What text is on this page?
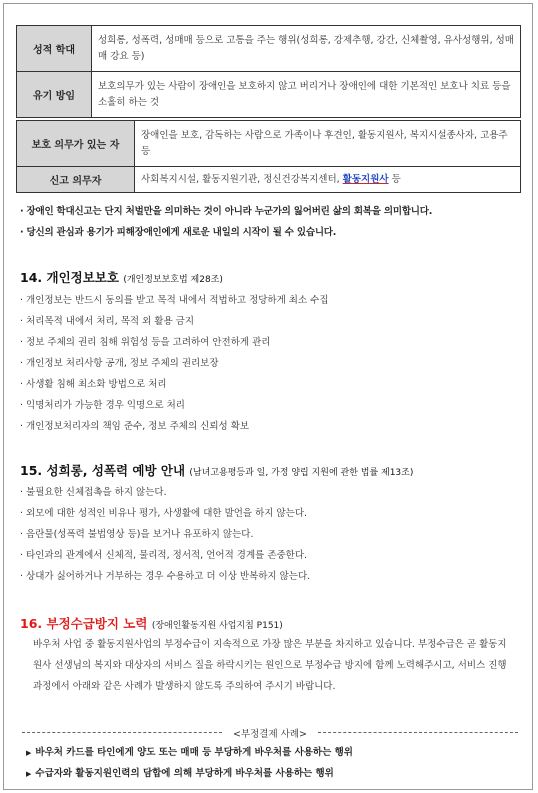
성적 학대	성희롱, 성폭력, 성매매 등으로 고통을 주는 행위(성희롱, 강제추행, 강간, 신체촬영, 유사성행위, 성매매 강요 등)
유기 방임	보호의무가 있는 사람이 장애인을 보호하지 않고 버리거나 장애인에 대한 기본적인 보호나 치료 등을 소홀히 하는 것
보호 의무가 있는 자	장애인을 보호, 감독하는 사람으로 가족이나 후견인, 활동지원사, 복지시설종사자, 고용주 등
신고 의무자	사회복지시설, 활동지원기관, 정신건강복지센터, 활동지원사 등
· 장애인 학대신고는 단지 처벌만을 의미하는 것이 아니라 누군가의 잃어버린 삶의 회복을 의미합니다.
· 당신의 관심과 용기가 피해장애인에게 새로운 내일의 시작이 될 수 있습니다.
14. 개인정보보호 (개인정보보호법 제28조)
· 개인정보는 반드시 동의를 받고 목적 내에서 적법하고 정당하게 최소 수집
· 처리목적 내에서 처리, 목적 외 활용 금지
· 정보 주체의 권리 침해 위험성 등을 고려하여 안전하게 관리
· 개인정보 처리사항 공개, 정보 주체의 권리보장
· 사생활 침해 최소화 방법으로 처리
· 익명처리가 가능한 경우 익명으로 처리
· 개인정보처리자의 책임 준수, 정보 주체의 신뢰성 확보
15. 성희롱, 성폭력 예방 안내 (남녀고용평등과 일, 가정 양립 지원에 관한 법률 제13조)
· 불필요한 신체접촉을 하지 않는다.
· 외모에 대한 성적인 비유나 평가, 사생활에 대한 발언을 하지 않는다.
· 음란물(성폭력 불법영상 등)을 보거나 유포하지 않는다.
· 타인과의 관계에서 신체적, 물리적, 정서적, 언어적 경계를 존중한다.
· 상대가 싫어하거나 거부하는 경우 수용하고 더 이상 반복하지 않는다.
16. 부정수급방지 노력 (장애인활동지원 사업지침 P151)
바우처 사업 중 활동지원사업의 부정수급이 지속적으로 가장 많은 부분을 차지하고 있습니다. 부정수급은 곧 활동지원사 선생님의 복지와 대상자의 서비스 질을 하락시키는 원인으로 부정수급 방지에 함께 노력해주시고, 서비스 진행과정에서 아래와 같은 사례가 발생하지 않도록 주의하여 주시기 바랍니다.
<부정결제 사례>
▶ 바우처 카드를 타인에게 양도 또는 매매 등 부당하게 바우처를 사용하는 행위
▶ 수급자와 활동지원인력의 담합에 의해 부당하게 바우처를 사용하는 행위
